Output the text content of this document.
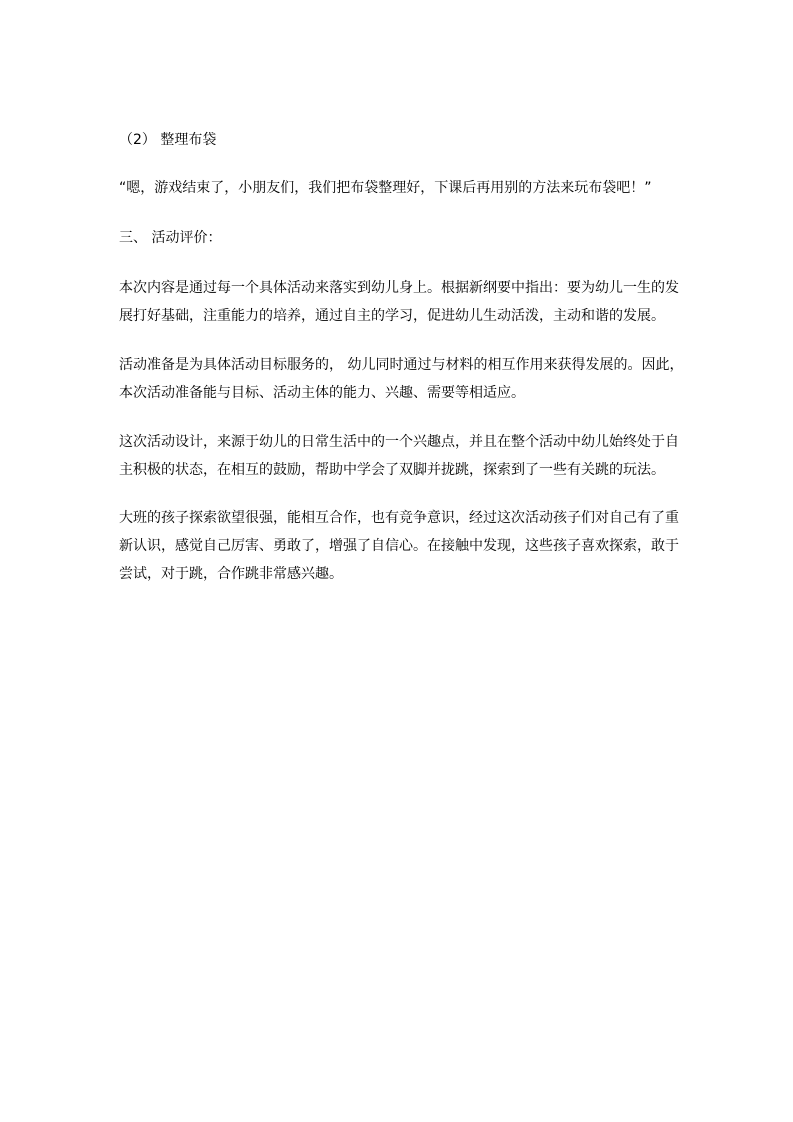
（2） 整理布袋

“嗯，游戏结束了，小朋友们，我们把布袋整理好，下课后再用别的方法来玩布袋吧！”

三、 活动评价：

本次内容是通过每一个具体活动来落实到幼儿身上。根据新纲要中指出：要为幼儿一生的发

展打好基础，注重能力的培养，通过自主的学习，促进幼儿生动活泼，主动和谐的发展。

活动准备是为具体活动目标服务的， 幼儿同时通过与材料的相互作用来获得发展的。因此，

本次活动准备能与目标、活动主体的能力、兴趣、需要等相适应。

这次活动设计，来源于幼儿的日常生活中的一个兴趣点，并且在整个活动中幼儿始终处于自

主积极的状态，在相互的鼓励，帮助中学会了双脚并拢跳，探索到了一些有关跳的玩法。

大班的孩子探索欲望很强，能相互合作，也有竞争意识，经过这次活动孩子们对自己有了重

新认识，感觉自己厉害、勇敢了，增强了自信心。在接触中发现，这些孩子喜欢探索，敢于

尝试，对于跳，合作跳非常感兴趣。
